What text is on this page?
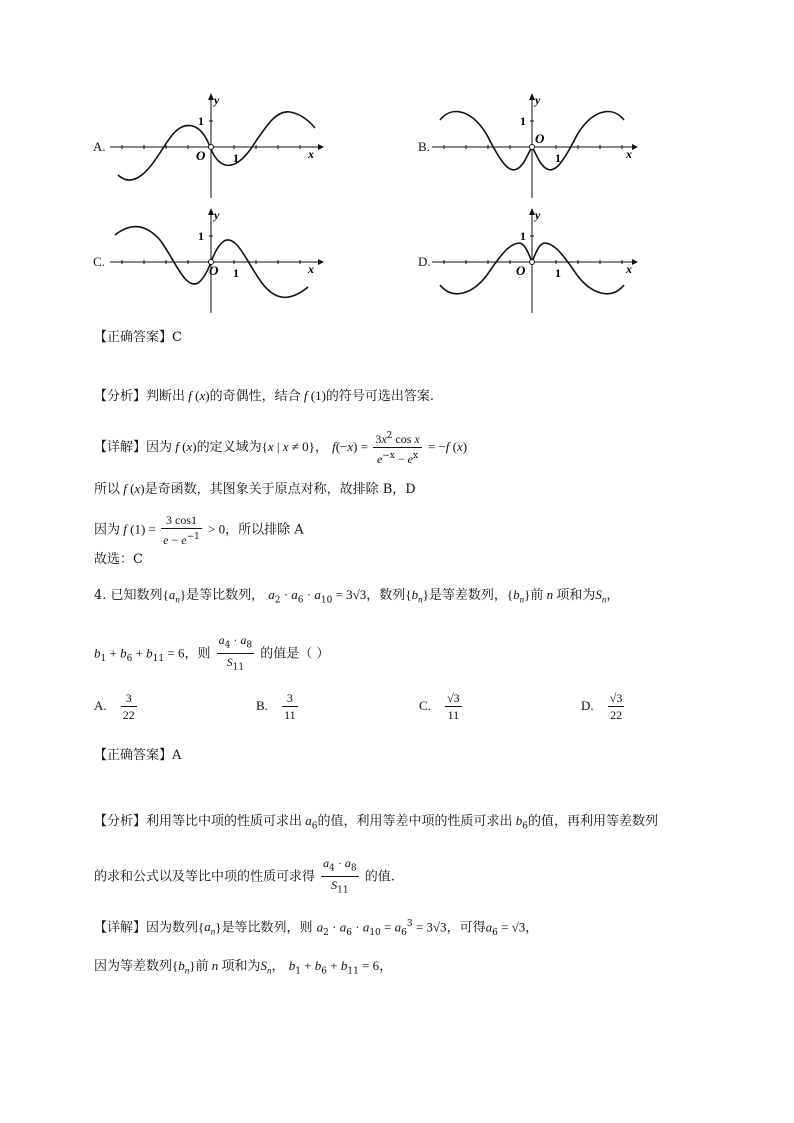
A.	B.
C.	D.
y
1
O 1	x
y
1
O
1	x
y
1
O 1	x
y
1
O 1	x
【正确答案】C
【分析】判断出 f (x)的奇偶性，结合 f (1)的符号可选出答案.
【详解】因为 f (x)的定义域为{x | x ≠ 0}， $f(-x) = \frac{3x^2 \cos x}{e^{-x} - e^x} = -f$ (x)
所以 f (x)是奇函数，其图象关于原点对称，故排除 B，D
因为 f $(1) = \frac{3 \cos 1}{e - e^{-1}} > 0$，所以排除 A
故选：C
4. 已知数列$\{a_n\}$是等比数列， $a_2 \cdot a_6 \cdot a_{10} = 3√3$，数列$\{b_n\}$是等差数列，$\{b_n\}$前 n 项和为$S_n$，
$b_1 + b_6 + b_{11} = 6$，则 $\frac{a_4 \cdot a_8}{S_{11}}$ 的值是（ ）
A. $\frac{3}{22}$	B. $\frac{3}{11}$	C. $\frac{√3}{11}$	D. $\frac{√3}{22}$
【正确答案】A
【分析】利用等比中项的性质可求出 $a_6$的值，利用等差中项的性质可求出 $b_6$的值，再利用等差数列
的求和公式以及等比中项的性质可求得 $\frac{a_4 \cdot a_8}{S_{11}}$ 的值.
【详解】因为数列$\{a_n\}$是等比数列，则 $a_2 \cdot a_6 \cdot a_{10} = a_6^3 = 3√3$，可得$a_6 = √3$，
因为等差数列$\{b_n\}$前 n 项和为$S_n$， $b_1 + b_6 + b_{11} = 6$，
